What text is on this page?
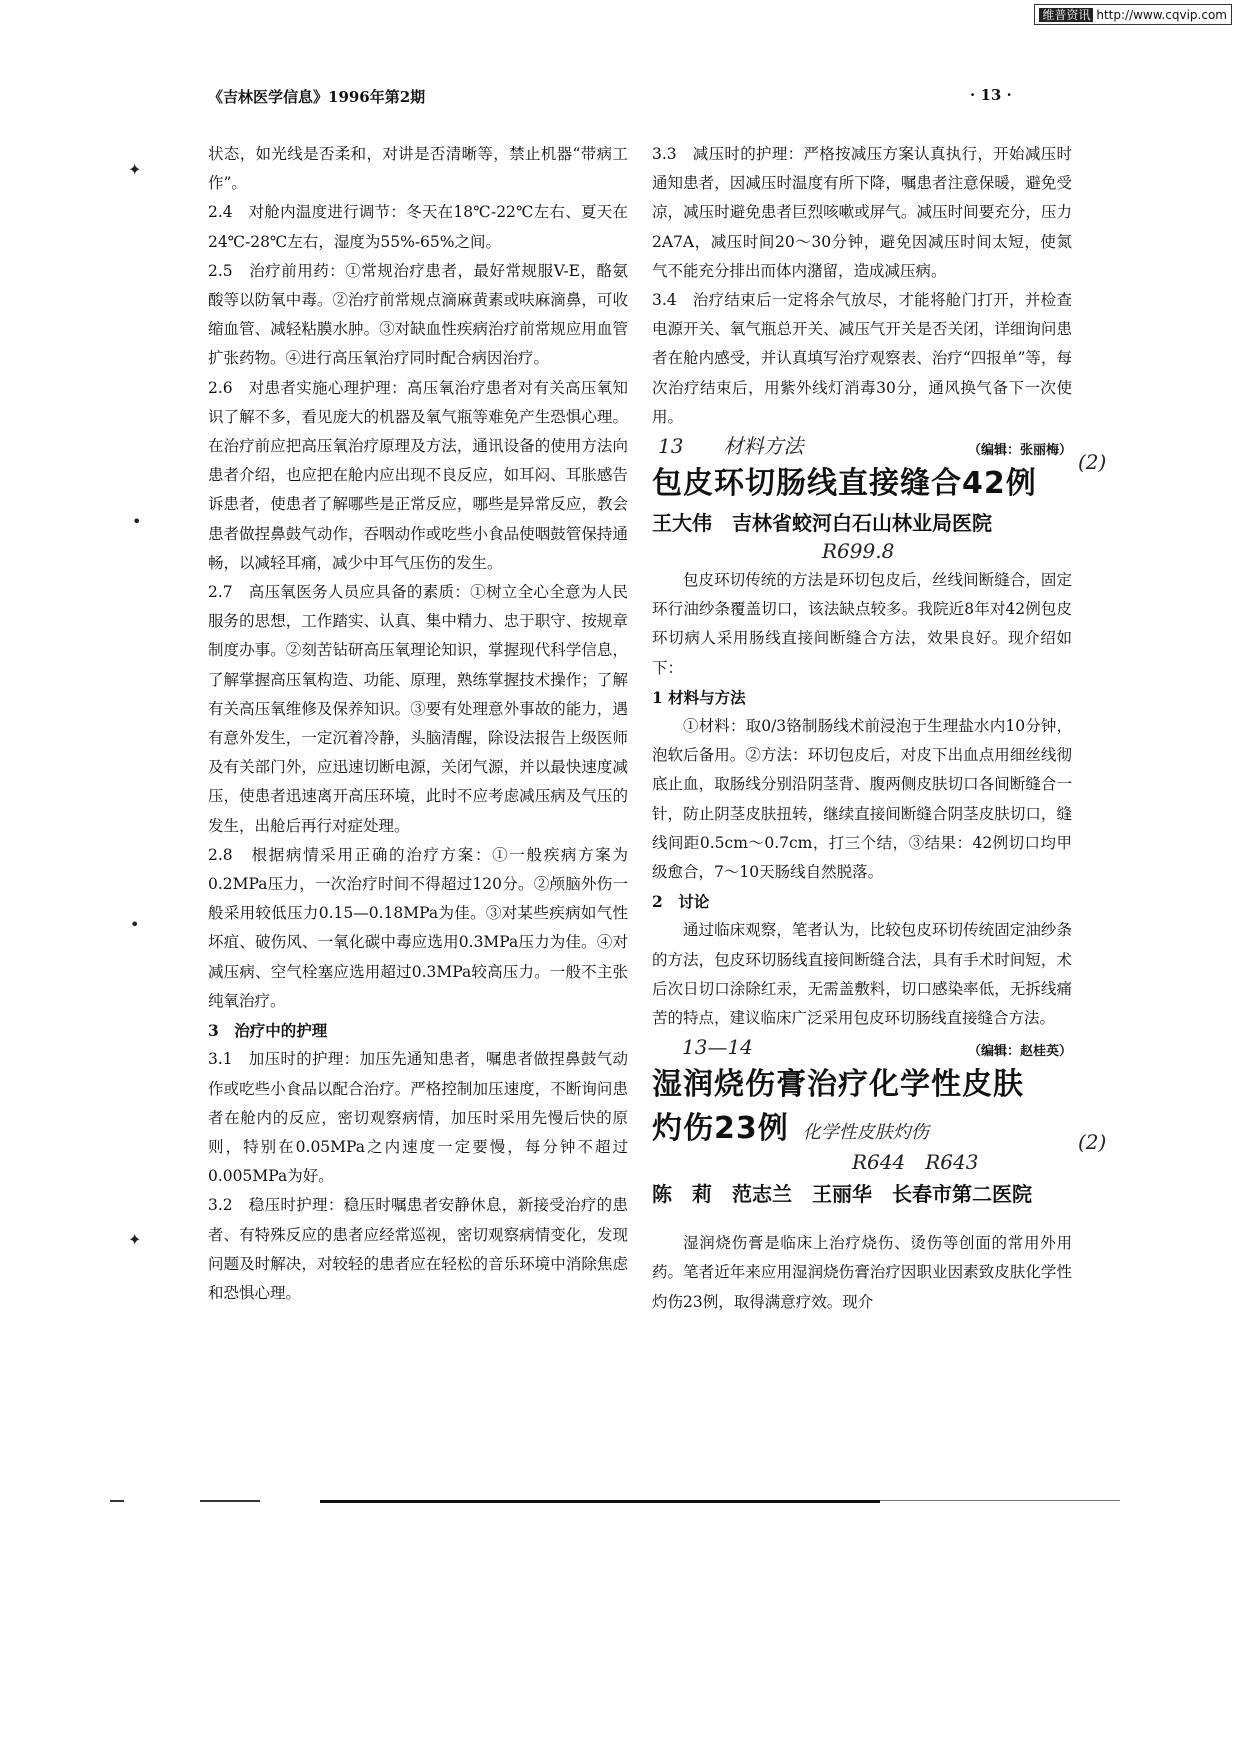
维普资讯 http://www.cqvip.com
《吉林医学信息》1996年第2期	· 13 ·
✦
•
•
✦

状态，如光线是否柔和，对讲是否清晰等，禁止机器“带病工作”。

2.4　对舱内温度进行调节：冬天在18℃-22℃左右、夏天在24℃-28℃左右，湿度为55%-65%之间。

2.5　治疗前用药：①常规治疗患者，最好常规服V-E，酪氨酸等以防氧中毒。②治疗前常规点滴麻黄素或呋麻滴鼻，可收缩血管、减轻粘膜水肿。③对缺血性疾病治疗前常规应用血管扩张药物。④进行高压氧治疗同时配合病因治疗。

2.6　对患者实施心理护理：高压氧治疗患者对有关高压氧知识了解不多，看见庞大的机器及氧气瓶等难免产生恐惧心理。在治疗前应把高压氧治疗原理及方法，通讯设备的使用方法向患者介绍，也应把在舱内应出现不良反应，如耳闷、耳胀感告诉患者，使患者了解哪些是正常反应，哪些是异常反应，教会患者做捏鼻鼓气动作，吞咽动作或吃些小食品使咽鼓管保持通畅，以减轻耳痛，减少中耳气压伤的发生。

2.7　高压氧医务人员应具备的素质：①树立全心全意为人民服务的思想，工作踏实、认真、集中精力、忠于职守、按规章制度办事。②刻苦钻研高压氧理论知识，掌握现代科学信息，了解掌握高压氧构造、功能、原理，熟练掌握技术操作；了解有关高压氧维修及保养知识。③要有处理意外事故的能力，遇有意外发生，一定沉着冷静，头脑清醒，除设法报告上级医师及有关部门外，应迅速切断电源，关闭气源，并以最快速度减压，使患者迅速离开高压环境，此时不应考虑减压病及气压的发生，出舱后再行对症处理。

2.8　根据病情采用正确的治疗方案：①一般疾病方案为0.2MPa压力，一次治疗时间不得超过120分。②颅脑外伤一般采用较低压力0.15—0.18MPa为佳。③对某些疾病如气性坏疽、破伤风、一氧化碳中毒应选用0.3MPa压力为佳。④对减压病、空气栓塞应选用超过0.3MPa较高压力。一般不主张纯氧治疗。

3　治疗中的护理

3.1　加压时的护理：加压先通知患者，嘱患者做捏鼻鼓气动作或吃些小食品以配合治疗。严格控制加压速度，不断询问患者在舱内的反应，密切观察病情，加压时采用先慢后快的原则，特别在0.05MPa之内速度一定要慢，每分钟不超过0.005MPa为好。

3.2　稳压时护理：稳压时嘱患者安静休息，新接受治疗的患者、有特殊反应的患者应经常巡视，密切观察病情变化，发现问题及时解决，对较轻的患者应在轻松的音乐环境中消除焦虑和恐惧心理。

3.3　减压时的护理：严格按减压方案认真执行，开始减压时通知患者，因减压时温度有所下降，嘱患者注意保暖，避免受凉，减压时避免患者巨烈咳嗽或屏气。减压时间要充分，压力2A7A，减压时间20～30分钟，避免因减压时间太短，使氮气不能充分排出而体内潴留，造成减压病。

3.4　治疗结束后一定将余气放尽，才能将舱门打开，并检查电源开关、氧气瓶总开关、减压气开关是否关闭，详细询问患者在舱内感受，并认真填写治疗观察表、治疗“四报单”等，每次治疗结束后，用紫外线灯消毒30分，通风换气备下一次使用。

13　　材料方法	（编辑：张丽梅）
包皮环切肠线直接缝合42例
王大伟　吉林省蛟河白石山林业局医院
R699.8

包皮环切传统的方法是环切包皮后，丝线间断缝合，固定环行油纱条覆盖切口，该法缺点较多。我院近8年对42例包皮环切病人采用肠线直接间断缝合方法，效果良好。现介绍如下：

1 材料与方法

①材料：取0/3铬制肠线术前浸泡于生理盐水内10分钟，泡软后备用。②方法：环切包皮后，对皮下出血点用细丝线彻底止血，取肠线分别沿阴茎背、腹两侧皮肤切口各间断缝合一针，防止阴茎皮肤扭转，继续直接间断缝合阴茎皮肤切口，缝线间距0.5cm～0.7cm，打三个结，③结果：42例切口均甲级愈合，7～10天肠线自然脱落。

2　讨论

通过临床观察，笔者认为，比较包皮环切传统固定油纱条的方法，包皮环切肠线直接间断缝合法，具有手术时间短，术后次日切口涂除红汞，无需盖敷料，切口感染率低，无拆线痛苦的特点，建议临床广泛采用包皮环切肠线直接缝合方法。

13—14	（编辑：赵桂英）
湿润烧伤膏治疗化学性皮肤
灼伤23例 化学性皮肤灼伤
R644　R643
陈　莉　范志兰　王丽华　长春市第二医院

湿润烧伤膏是临床上治疗烧伤、烫伤等创面的常用外用药。笔者近年来应用湿润烧伤膏治疗因职业因素致皮肤化学性灼伤23例，取得满意疗效。现介

(2)
(2)
